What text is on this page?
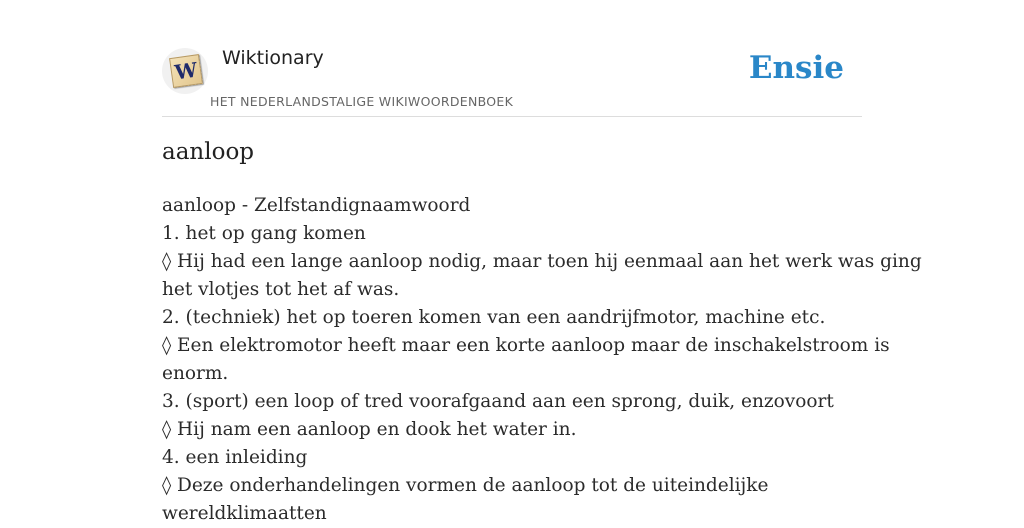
W Wiktionary
HET NEDERLANDSTALIGE WIKIWOORDENBOEK
Ensie
aanloop
aanloop - Zelfstandignaamwoord
1. het op gang komen
◊ Hij had een lange aanloop nodig, maar toen hij eenmaal aan het werk was ging
het vlotjes tot het af was.
2. (techniek) het op toeren komen van een aandrijfmotor, machine etc.
◊ Een elektromotor heeft maar een korte aanloop maar de inschakelstroom is
enorm.
3. (sport) een loop of tred voorafgaand aan een sprong, duik, enzovoort
◊ Hij nam een aanloop en dook het water in.
4. een inleiding
◊ Deze onderhandelingen vormen de aanloop tot de uiteindelijke
wereldklimaatten
